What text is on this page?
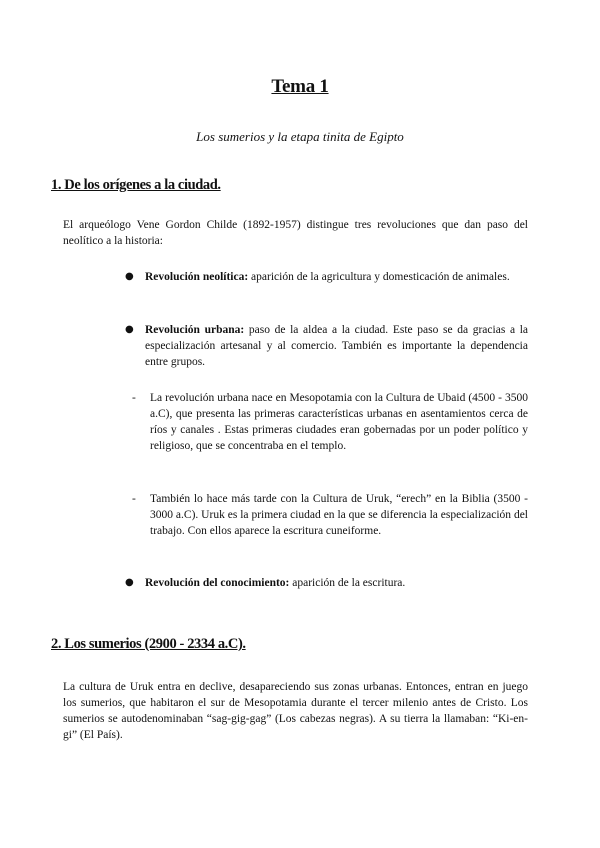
Tema 1
Los sumerios y la etapa tinita de Egipto
1. De los orígenes a la ciudad.
El arqueólogo Vene Gordon Childe (1892-1957) distingue tres revoluciones que dan paso del neolítico a la historia:
● Revolución neolítica: aparición de la agricultura y domesticación de animales.
● Revolución urbana: paso de la aldea a la ciudad. Este paso se da gracias a la especialización artesanal y al comercio. También es importante la dependencia entre grupos.
- La revolución urbana nace en Mesopotamia con la Cultura de Ubaid (4500 - 3500 a.C), que presenta las primeras características urbanas en asentamientos cerca de ríos y canales . Estas primeras ciudades eran gobernadas por un poder político y religioso, que se concentraba en el templo.
- También lo hace más tarde con la Cultura de Uruk, “erech” en la Biblia (3500 - 3000 a.C). Uruk es la primera ciudad en la que se diferencia la especialización del trabajo. Con ellos aparece la escritura cuneiforme.
● Revolución del conocimiento: aparición de la escritura.
2. Los sumerios (2900 - 2334 a.C).
La cultura de Uruk entra en declive, desapareciendo sus zonas urbanas. Entonces, entran en juego los sumerios, que habitaron el sur de Mesopotamia durante el tercer milenio antes de Cristo. Los sumerios se autodenominaban “sag-gig-gag” (Los cabezas negras). A su tierra la llamaban: “Ki-en-gi” (El País).
